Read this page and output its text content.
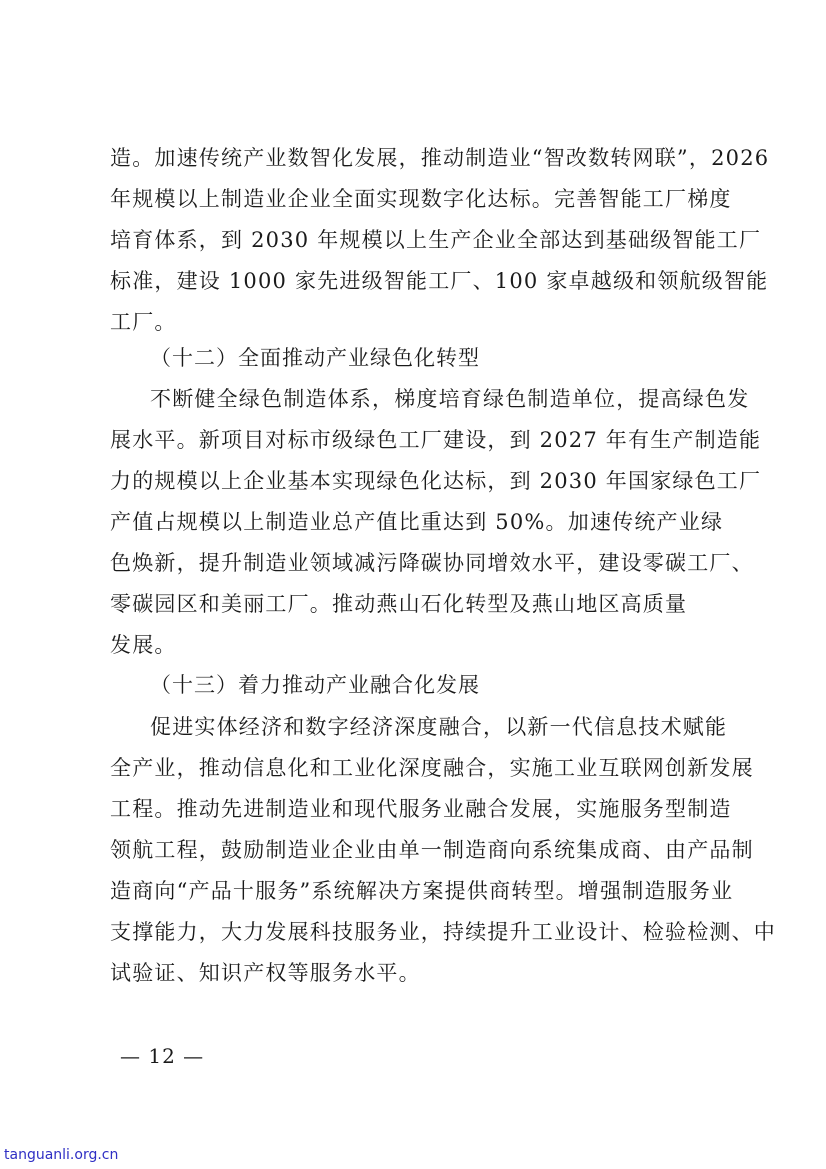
造。加速传统产业数智化发展，推动制造业“智改数转网联”，2026
年规模以上制造业企业全面实现数字化达标。完善智能工厂梯度
培育体系，到 2030 年规模以上生产企业全部达到基础级智能工厂
标准，建设 1000 家先进级智能工厂、100 家卓越级和领航级智能
工厂。
（十二）全面推动产业绿色化转型
不断健全绿色制造体系，梯度培育绿色制造单位，提高绿色发
展水平。新项目对标市级绿色工厂建设，到 2027 年有生产制造能
力的规模以上企业基本实现绿色化达标，到 2030 年国家绿色工厂
产值占规模以上制造业总产值比重达到 50%。加速传统产业绿
色焕新，提升制造业领域减污降碳协同增效水平，建设零碳工厂、
零碳园区和美丽工厂。推动燕山石化转型及燕山地区高质量
发展。
（十三）着力推动产业融合化发展
促进实体经济和数字经济深度融合，以新一代信息技术赋能
全产业，推动信息化和工业化深度融合，实施工业互联网创新发展
工程。推动先进制造业和现代服务业融合发展，实施服务型制造
领航工程，鼓励制造业企业由单一制造商向系统集成商、由产品制
造商向“产品十服务”系统解决方案提供商转型。增强制造服务业
支撑能力，大力发展科技服务业，持续提升工业设计、检验检测、中
试验证、知识产权等服务水平。
— 12 —
tanguanli.org.cn
